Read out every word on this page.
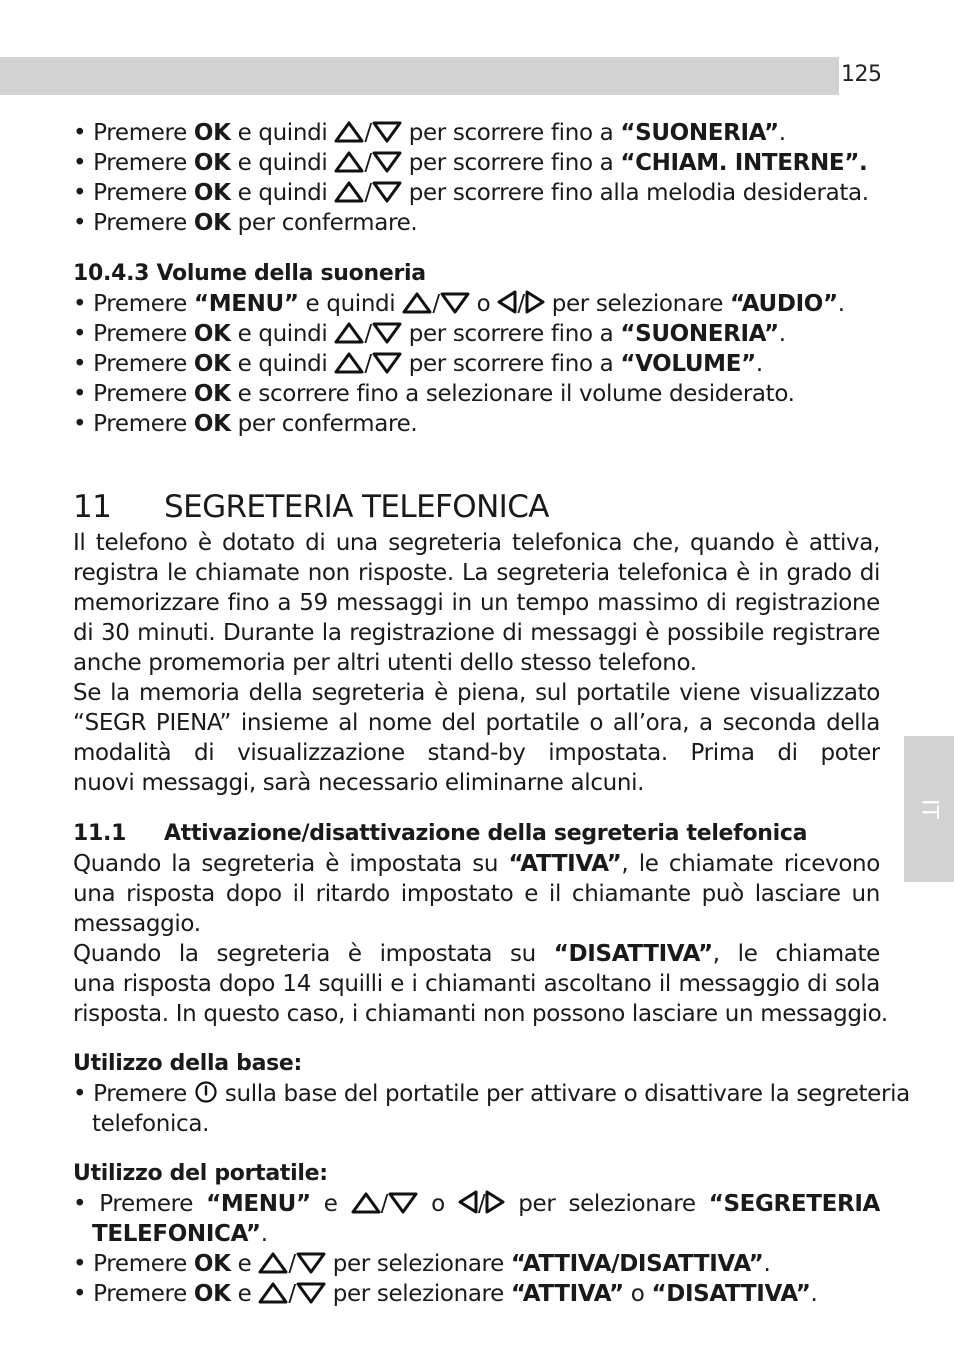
125
IT
• Premere OK e quindi / per scorrere fino a “SUONERIA”.
• Premere OK e quindi / per scorrere fino a “CHIAM. INTERNE”.
• Premere OK e quindi / per scorrere fino alla melodia desiderata.
• Premere OK per confermare.
10.4.3 Volume della suoneria
• Premere “MENU” e quindi / o / per selezionare “AUDIO”.
• Premere OK e quindi / per scorrere fino a “SUONERIA”.
• Premere OK e quindi / per scorrere fino a “VOLUME”.
• Premere OK e scorrere fino a selezionare il volume desiderato.
• Premere OK per confermare.
11 SEGRETERIA TELEFONICA
Il telefono è dotato di una segreteria telefonica che, quando è attiva,
registra le chiamate non risposte. La segreteria telefonica è in grado di
memorizzare fino a 59 messaggi in un tempo massimo di registrazione
di 30 minuti. Durante la registrazione di messaggi è possibile registrare
anche promemoria per altri utenti dello stesso telefono.
Se la memoria della segreteria è piena, sul portatile viene visualizzato
“SEGR PIENA” insieme al nome del portatile o all’ora, a seconda della
modalità di visualizzazione stand-by impostata. Prima di poter
nuovi messaggi, sarà necessario eliminarne alcuni.
11.1 Attivazione/disattivazione della segreteria telefonica
Quando la segreteria è impostata su “ATTIVA”, le chiamate ricevono
una risposta dopo il ritardo impostato e il chiamante può lasciare un
messaggio.
Quando la segreteria è impostata su “DISATTIVA”, le chiamate
una risposta dopo 14 squilli e i chiamanti ascoltano il messaggio di sola
risposta. In questo caso, i chiamanti non possono lasciare un messaggio.
Utilizzo della base:
• Premere  sulla base del portatile per attivare o disattivare la segreteria
telefonica.
Utilizzo del portatile:
• Premere “MENU” e / o / per selezionare “SEGRETERIA
TELEFONICA”.
• Premere OK e / per selezionare “ATTIVA/DISATTIVA”.
• Premere OK e / per selezionare “ATTIVA” o “DISATTIVA”.
